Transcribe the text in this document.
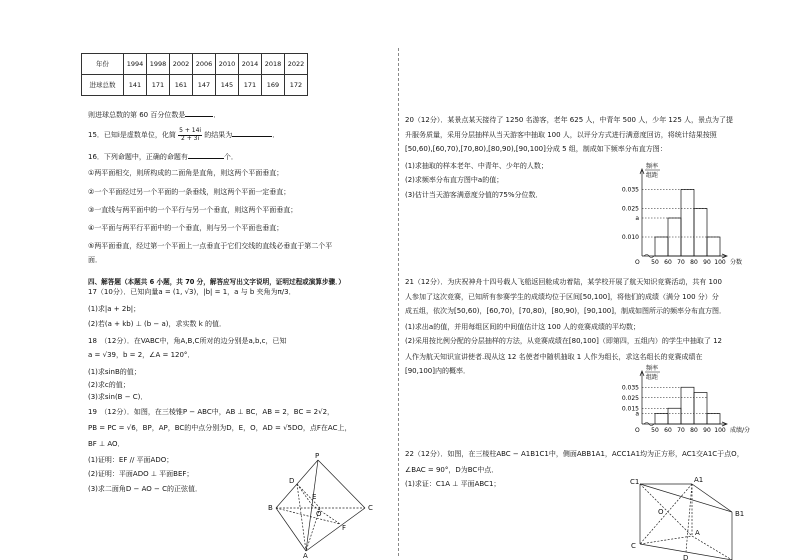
年份	1994	1998	2002	2006	2010	2014	2018	2022
进球总数	141	171	161	147	145	171	169	172
则进球总数的第 60 百分位数是	．
15．已知i是虚数单位，化简 $\frac{5 + 14i}{2 + 3i}$ 的结果为	．
16．下列命题中，正确的命题有	个．
①两平面相交，则所构成的二面角是直角，则这两个平面垂直；
②一个平面经过另一个平面的一条垂线，则这两个平面一定垂直；
③一直线与两平面中的一个平行与另一个垂直，则这两个平面垂直；
④一平面与两平行平面中的一个垂直，则与另一个平面也垂直；
⑤两平面垂直，经过第一个平面上一点垂直于它们交线的直线必垂直于第二个平
面．
四、解答题（本题共 6 小题，共 70 分，解答应写出文字说明，证明过程或演算步骤．）
17（10分）．已知向量a = (1, √3)，|b| = 1，a 与 b 夹角为π/3．
(1)求|a + 2b|；
(2)若(a + kb) ⊥ (b − a)，求实数 k 的值．
18　（12分）．在VABC中，角A,B,C所对的边分别是a,b,c，已知
a = √39，b = 2，∠A = 120°．
(1)求sinB的值；
(2)求c的值；
(3)求sin(B − C)．
19　（12分）．如图，在三棱锥P − ABC中，AB ⊥ BC，AB = 2，BC = 2√2，
PB = PC = √6，BP，AP，BC的中点分别为D，E，O，AD = √5DO，点F在AC上，
BF ⊥ AO．
(1)证明：EF // 平面ADO；
(2)证明：平面ADO ⊥ 平面BEF；
(3)求二面角D − AO − C的正弦值．
P
D
E
B
O
F
C
A
20（12分）．某景点某天接待了 1250 名游客，老年 625 人，中青年 500 人，少年 125 人，景点为了提
升服务质量，采用分层抽样从当天游客中抽取 100 人，以评分方式进行满意度回访，将统计结果按照
[50,60),[60,70),[70,80),[80,90),[90,100]分成 5 组，制成如下频率分布直方图：
(1)求抽取的样本老年、中青年、少年的人数；
(2)求频率分布直方图中a的值；
(3)估计当天游客满意度分值的75%分位数．
频率
组距
0.035
0.025
a
0.010
50 60 70 80 90 100 分数
O
21（12分）．为庆祝神舟十四号载人飞船返回舱成功着陆，某学校开展了航天知识竞赛活动，共有 100
人参加了这次竞赛，已知所有参赛学生的成绩均位于区间[50,100]，将他们的成绩（满分 100 分）分
成五组，依次为[50,60)，[60,70)，[70,80)，[80,90)，[90,100]，制成如图所示的频率分布直方图．
(1)求出a的值，并用每组区间的中间值估计这 100 人的竞赛成绩的平均数；
(2)采用按比例分配的分层抽样的方法，从竞赛成绩在[80,100]（即第四，五组内）的学生中抽取了 12
人作为航天知识宣讲使者.现从这 12 名使者中随机抽取 1 人作为组长，求这名组长的竞赛成绩在
[90,100]内的概率．	频率
组距
0.035
0.025
0.015
a
50 60 70 80 90 100 成绩/分
O
22（12分）．如图，在三棱柱ABC − A1B1C1中，侧面ABB1A1，ACC1A1均为正方形，AC1交A1C于点O，
∠BAC = 90°，D为BC中点．
(1)求证：C1A ⊥ 平面ABC1；	C1	A1
B1
O
A
C
D
